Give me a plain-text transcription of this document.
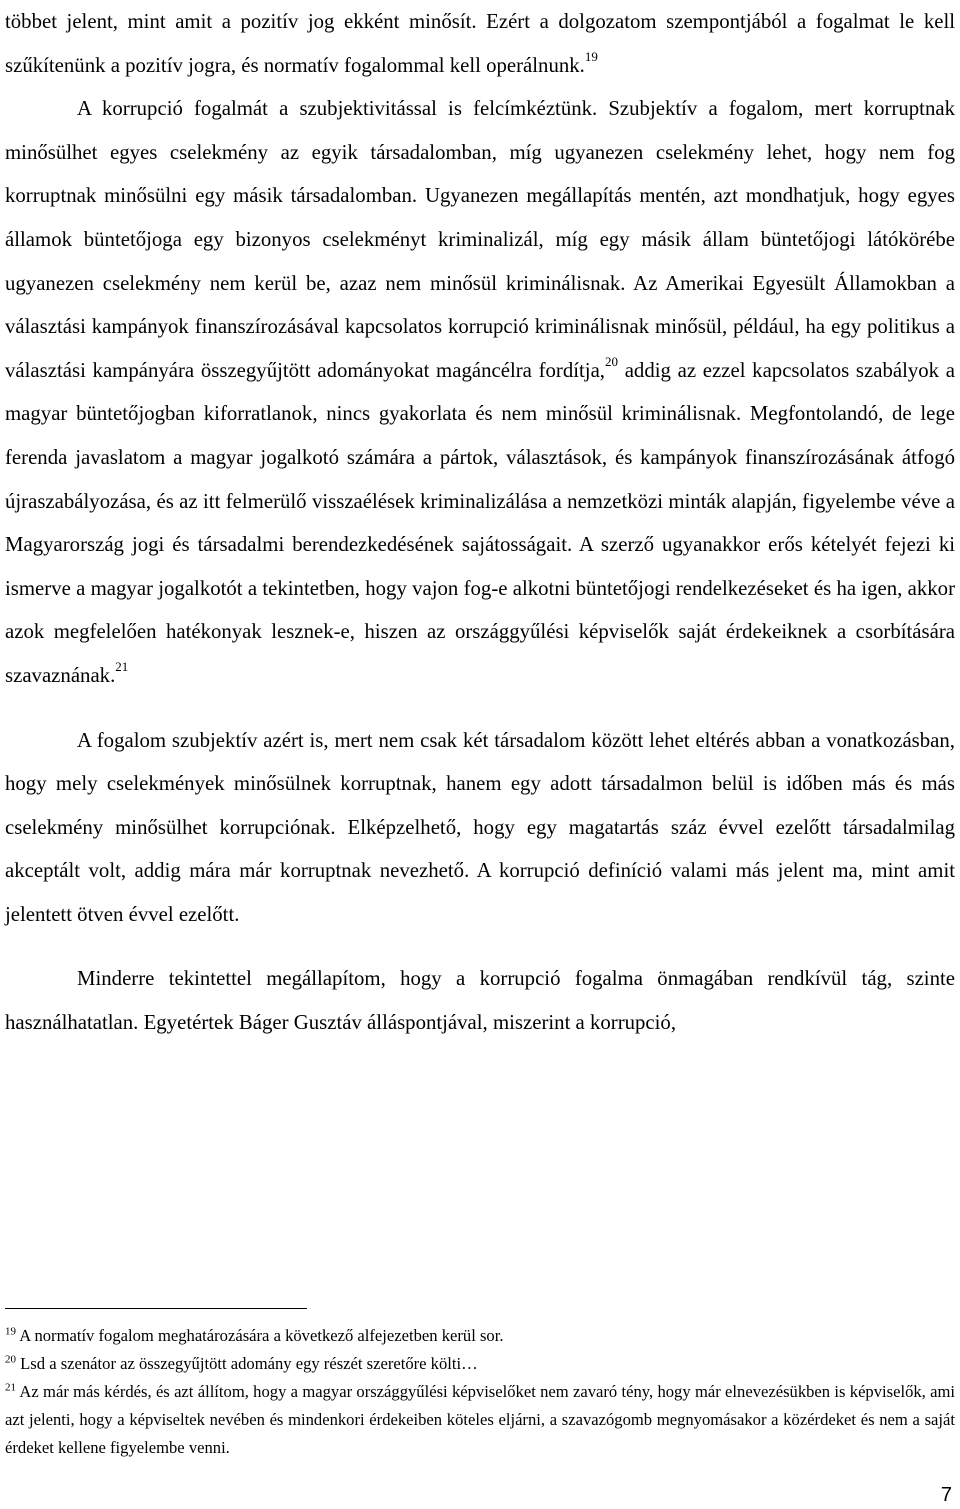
többet jelent, mint amit a pozitív jog ekként minősít. Ezért a dolgozatom szempontjából a fogalmat le kell szűkítenünk a pozitív jogra, és normatív fogalommal kell operálnunk.$^{19}$

A korrupció fogalmát a szubjektivitással is felcímkéztünk. Szubjektív a fogalom, mert korruptnak minősülhet egyes cselekmény az egyik társadalomban, míg ugyanezen cselekmény lehet, hogy nem fog korruptnak minősülni egy másik társadalomban. Ugyanezen megállapítás mentén, azt mondhatjuk, hogy egyes államok büntetőjoga egy bizonyos cselekményt kriminalizál, míg egy másik állam büntetőjogi látókörébe ugyanezen cselekmény nem kerül be, azaz nem minősül kriminálisnak. Az Amerikai Egyesült Államokban a választási kampányok finanszírozásával kapcsolatos korrupció kriminálisnak minősül, például, ha egy politikus a választási kampányára összegyűjtött adományokat magáncélra fordítja,$^{20}$ addig az ezzel kapcsolatos szabályok a magyar büntetőjogban kiforratlanok, nincs gyakorlata és nem minősül kriminálisnak. Megfontolandó, de lege ferenda javaslatom a magyar jogalkotó számára a pártok, választások, és kampányok finanszírozásának átfogó újraszabályozása, és az itt felmerülő visszaélések kriminalizálása a nemzetközi minták alapján, figyelembe véve a Magyarország jogi és társadalmi berendezkedésének sajátosságait. A szerző ugyanakkor erős kételyét fejezi ki ismerve a magyar jogalkotót a tekintetben, hogy vajon fog-e alkotni büntetőjogi rendelkezéseket és ha igen, akkor azok megfelelően hatékonyak lesznek-e, hiszen az országgyűlési képviselők saját érdekeiknek a csorbítására szavaznának.$^{21}$

A fogalom szubjektív azért is, mert nem csak két társadalom között lehet eltérés abban a vonatkozásban, hogy mely cselekmények minősülnek korruptnak, hanem egy adott társadalmon belül is időben más és más cselekmény minősülhet korrupciónak. Elképzelhető, hogy egy magatartás száz évvel ezelőtt társadalmilag akceptált volt, addig mára már korruptnak nevezhető. A korrupció definíció valami más jelent ma, mint amit jelentett ötven évvel ezelőtt.

Minderre tekintettel megállapítom, hogy a korrupció fogalma önmagában rendkívül tág, szinte használhatatlan. Egyetértek Báger Gusztáv álláspontjával, miszerint a korrupció,

$^{19}$ A normatív fogalom meghatározására a következő alfejezetben kerül sor.

$^{20}$ Lsd a szenátor az összegyűjtött adomány egy részét szeretőre költi…

$^{21}$ Az már más kérdés, és azt állítom, hogy a magyar országgyűlési képviselőket nem zavaró tény, hogy már elnevezésükben is képviselők, ami azt jelenti, hogy a képviseltek nevében és mindenkori érdekeiben köteles eljárni, a szavazógomb megnyomásakor a közérdeket és nem a saját érdeket kellene figyelembe venni.

7
